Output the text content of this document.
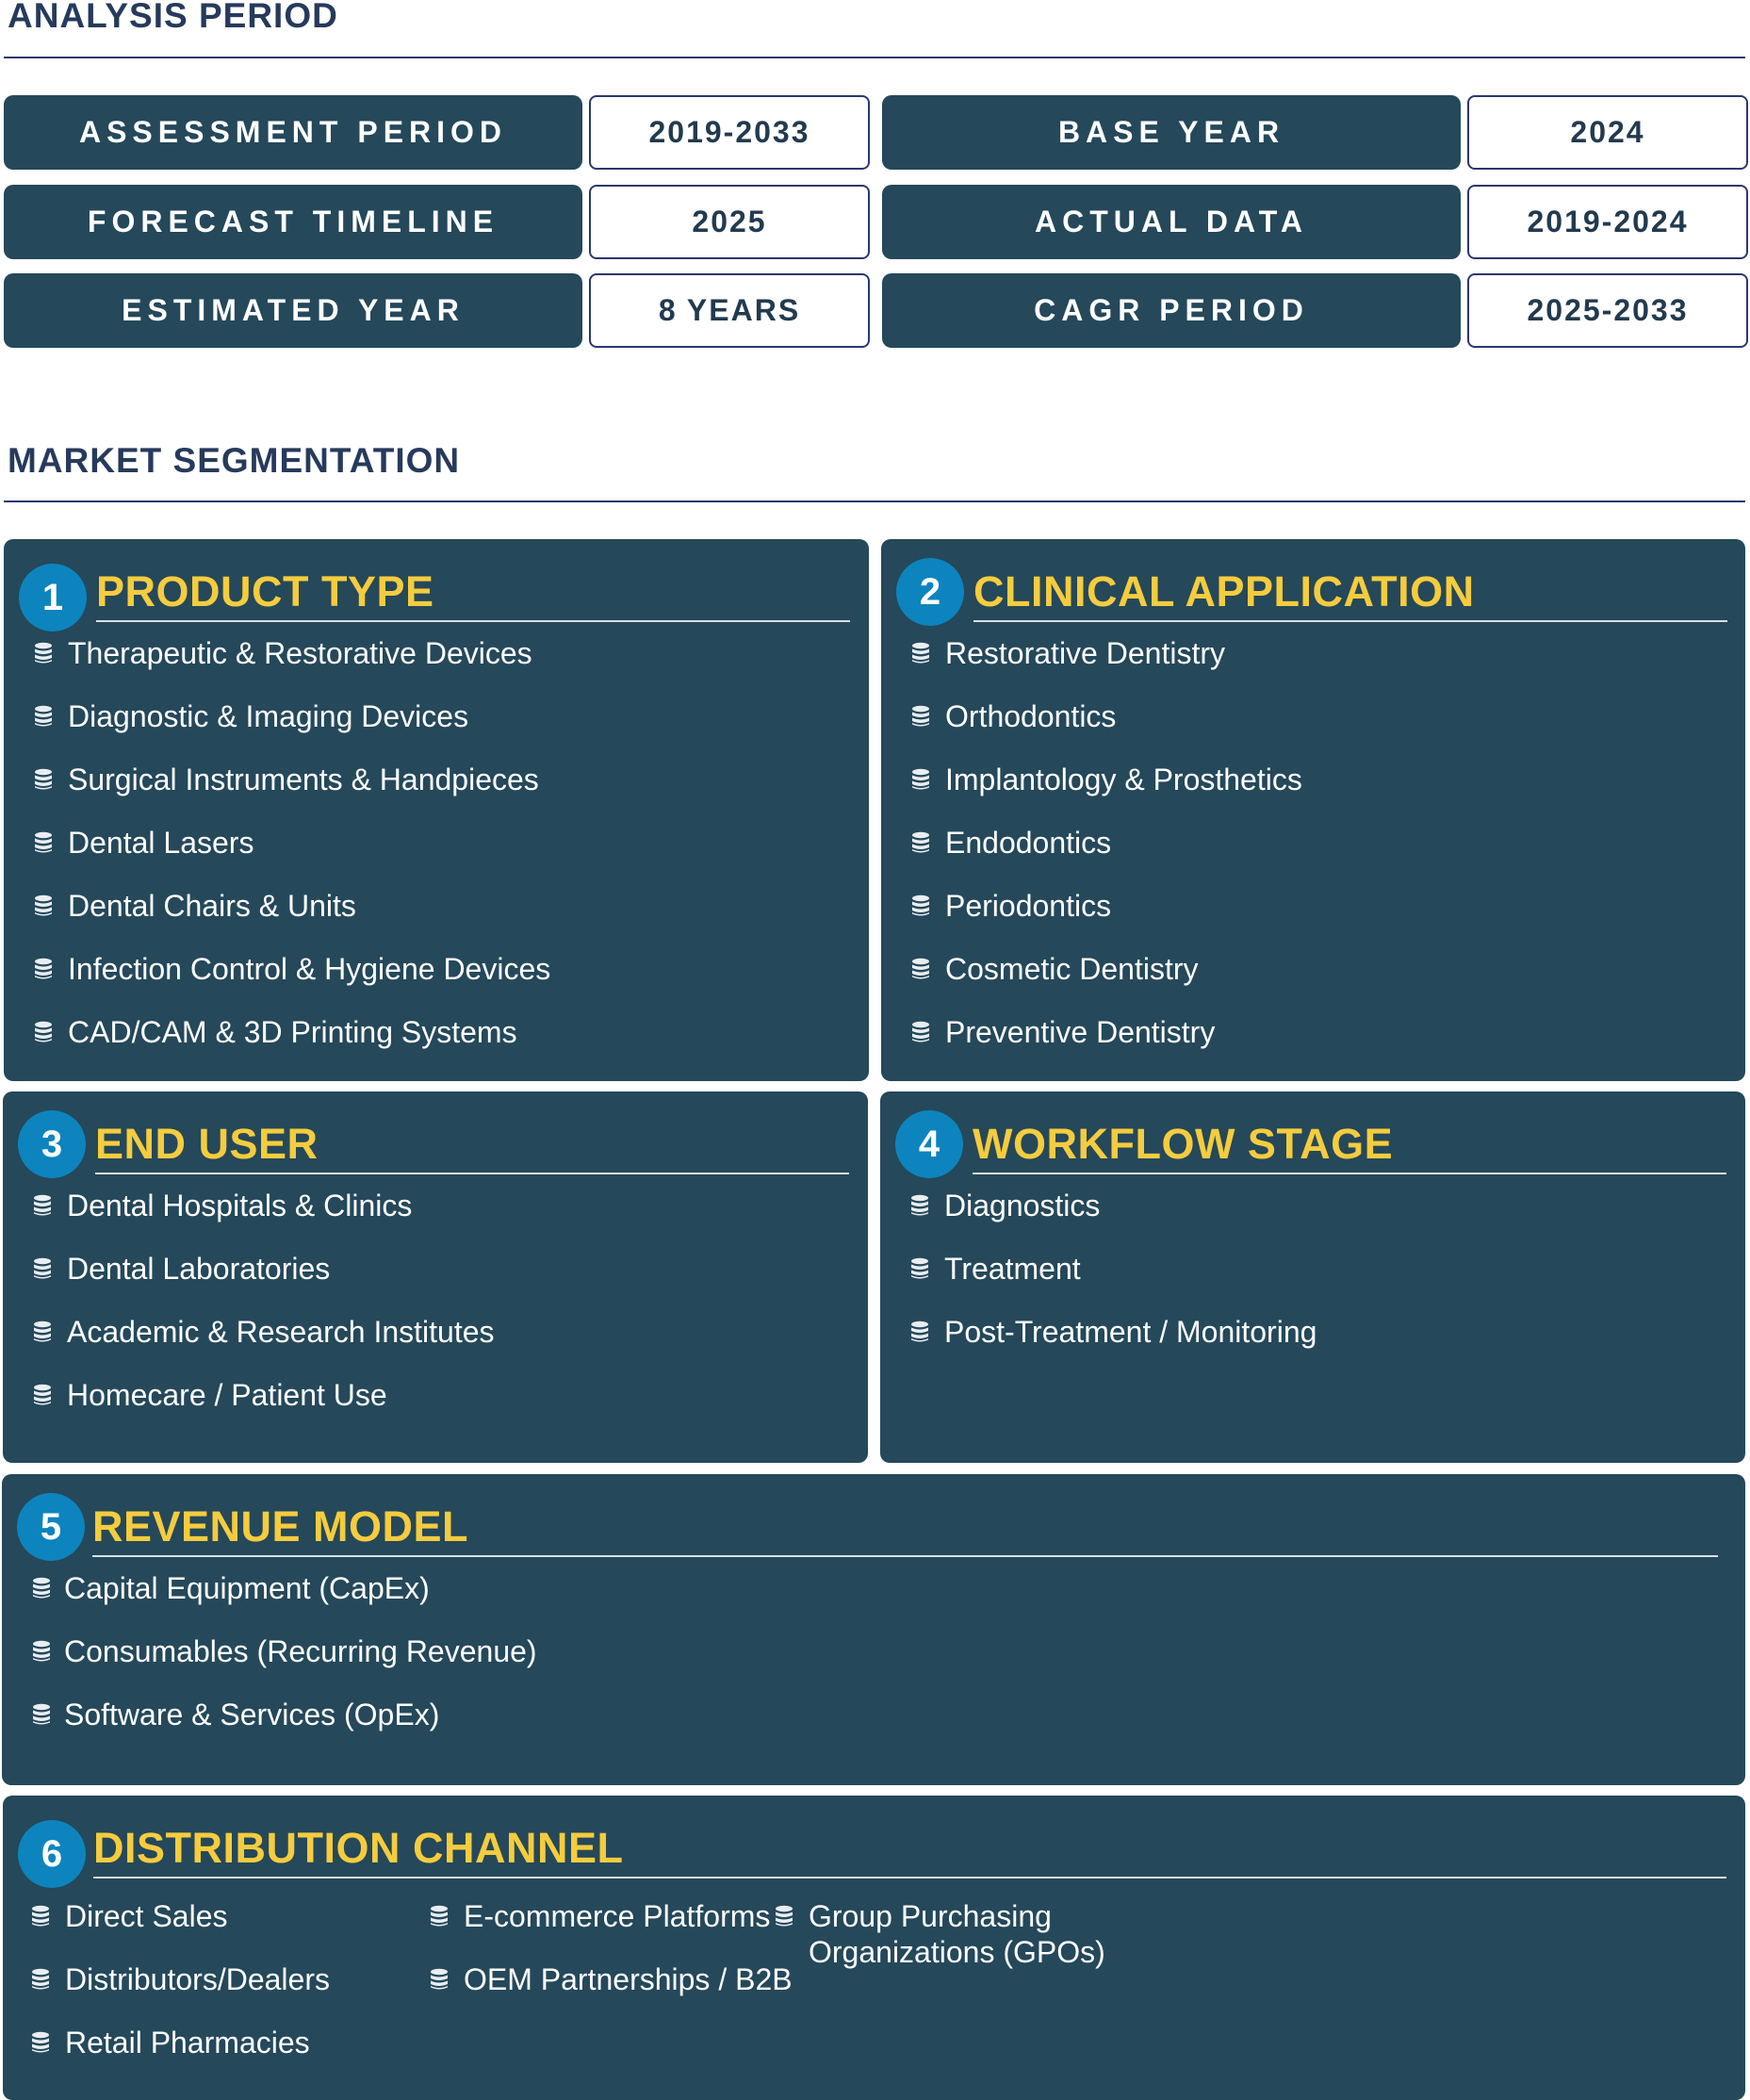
ANALYSIS PERIOD
ASSESSMENT PERIOD	2019-2033	BASE YEAR	2024
FORECAST TIMELINE	2025	ACTUAL DATA	2019-2024
ESTIMATED YEAR	8 YEARS	CAGR PERIOD	2025-2033
MARKET SEGMENTATION
1 PRODUCT TYPE
Therapeutic & Restorative Devices
Diagnostic & Imaging Devices
Surgical Instruments & Handpieces
Dental Lasers
Dental Chairs & Units
Infection Control & Hygiene Devices
CAD/CAM & 3D Printing Systems
2 CLINICAL APPLICATION
Restorative Dentistry
Orthodontics
Implantology & Prosthetics
Endodontics
Periodontics
Cosmetic Dentistry
Preventive Dentistry
3 END USER
Dental Hospitals & Clinics
Dental Laboratories
Academic & Research Institutes
Homecare / Patient Use
4 WORKFLOW STAGE
Diagnostics
Treatment
Post-Treatment / Monitoring
5 REVENUE MODEL
Capital Equipment (CapEx)
Consumables (Recurring Revenue)
Software & Services (OpEx)
6 DISTRIBUTION CHANNEL
Direct Sales
Distributors/Dealers
Retail Pharmacies
E-commerce Platforms
OEM Partnerships / B2B
Group Purchasing Organizations (GPOs)
